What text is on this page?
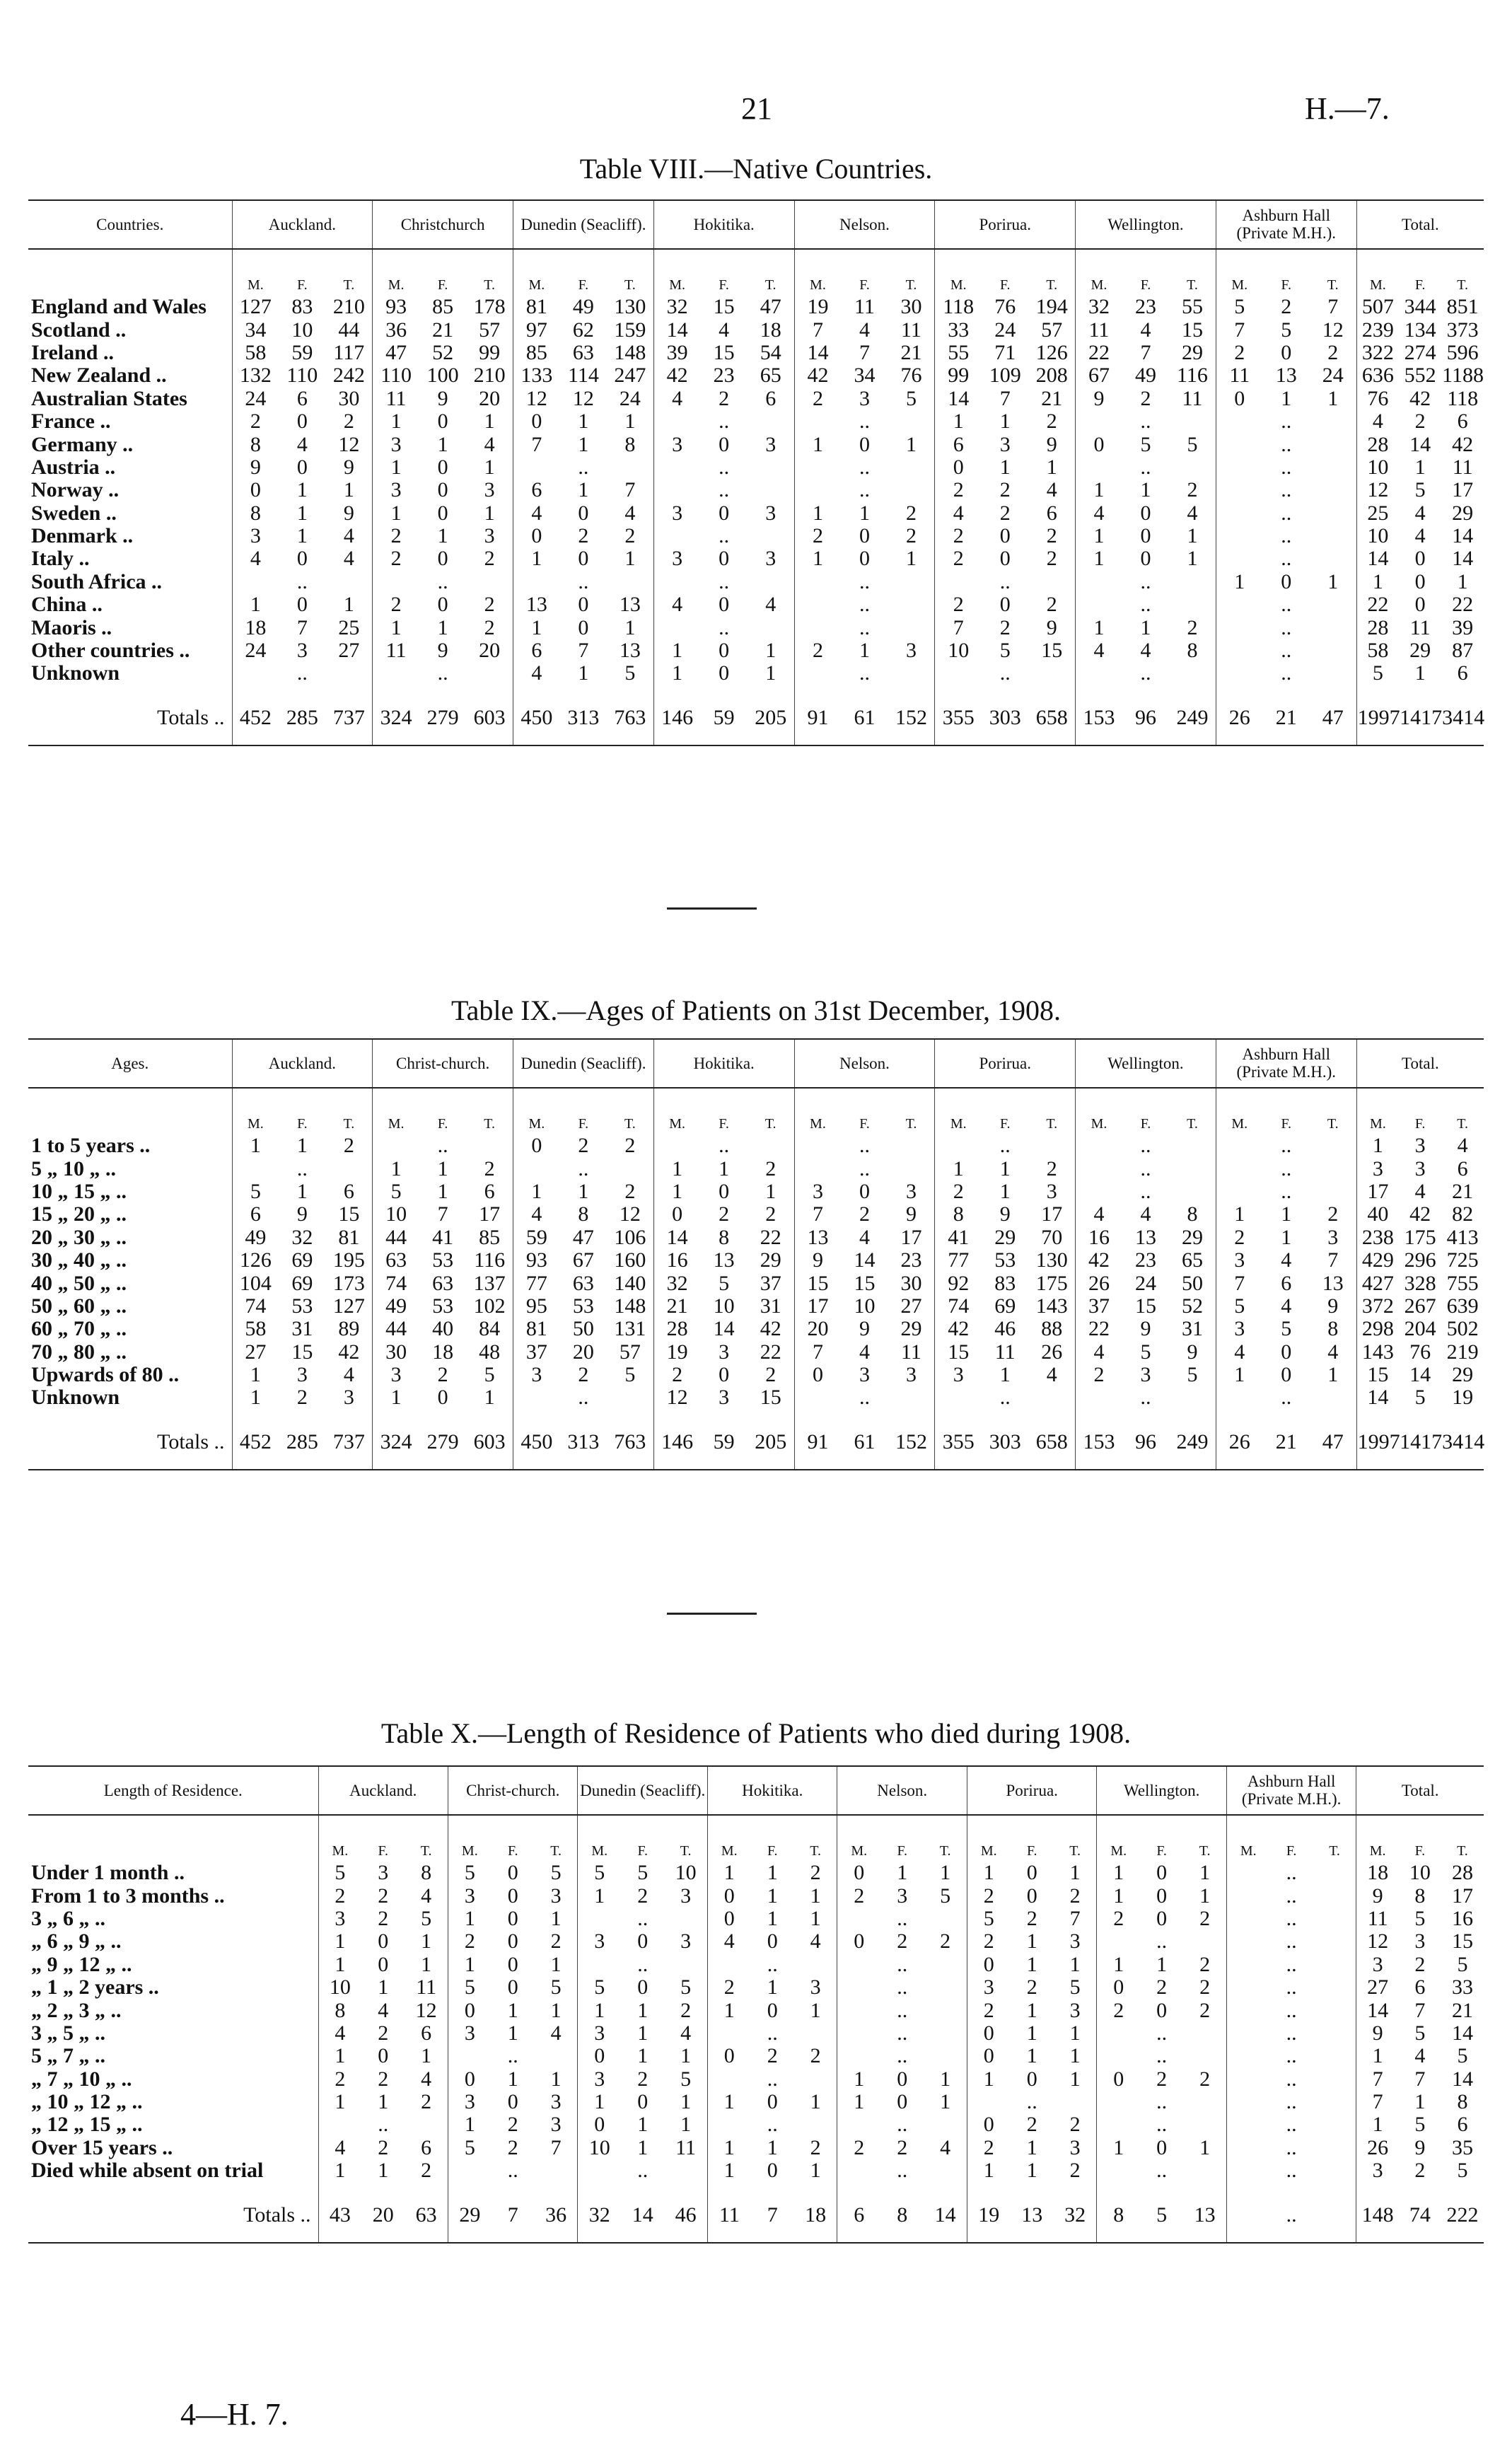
21	H.—7.
Table VIII.—Native Countries.
Countries.	Auckland.			Christchurch			Dunedin (Seacliff).			Hokitika.			Nelson.			Porirua.			Wellington.			Ashburn Hall (Private M.H.).			Total.		
	M.	F.	T.	M.	F.	T.	M.	F.	T.	M.	F.	T.	M.	F.	T.	M.	F.	T.	M.	F.	T.	M.	F.	T.	M.	F.	T.
England and Wales	127	83	210	93	85	178	81	49	130	32	15	47	19	11	30	118	76	194	32	23	55	5	2	7	507	344	851
Scotland ..	34	10	44	36	21	57	97	62	159	14	4	18	7	4	11	33	24	57	11	4	15	7	5	12	239	134	373
Ireland ..	58	59	117	47	52	99	85	63	148	39	15	54	14	7	21	55	71	126	22	7	29	2	0	2	322	274	596
New Zealand ..	132	110	242	110	100	210	133	114	247	42	23	65	42	34	76	99	109	208	67	49	116	11	13	24	636	552	1188
Australian States	24	6	30	11	9	20	12	12	24	4	2	6	2	3	5	14	7	21	9	2	11	0	1	1	76	42	118
France ..	2	0	2	1	0	1	0	1	1		..			..		1	1	2		..			..		4	2	6
Germany ..	8	4	12	3	1	4	7	1	8	3	0	3	1	0	1	6	3	9	0	5	5		..		28	14	42
Austria ..	9	0	9	1	0	1		..			..			..		0	1	1		..			..		10	1	11
Norway ..	0	1	1	3	0	3	6	1	7		..			..		2	2	4	1	1	2		..		12	5	17
Sweden ..	8	1	9	1	0	1	4	0	4	3	0	3	1	1	2	4	2	6	4	0	4		..		25	4	29
Denmark ..	3	1	4	2	1	3	0	2	2		..		2	0	2	2	0	2	1	0	1		..		10	4	14
Italy ..	4	0	4	2	0	2	1	0	1	3	0	3	1	0	1	2	0	2	1	0	1		..		14	0	14
South Africa ..		..			..			..			..			..			..			..		1	0	1	1	0	1
China ..	1	0	1	2	0	2	13	0	13	4	0	4		..		2	0	2		..			..		22	0	22
Maoris ..	18	7	25	1	1	2	1	0	1		..			..		7	2	9	1	1	2		..		28	11	39
Other countries ..	24	3	27	11	9	20	6	7	13	1	0	1	2	1	3	10	5	15	4	4	8		..		58	29	87
Unknown		..			..		4	1	5	1	0	1		..			..			..			..		5	1	6
Totals ..	452	285	737	324	279	603	450	313	763	146	59	205	91	61	152	355	303	658	153	96	249	26	21	47	1997	1417	3414
Table IX.—Ages of Patients on 31st December, 1908.
Ages.	Auckland.			Christ-church.			Dunedin (Seacliff).			Hokitika.			Nelson.			Porirua.			Wellington.			Ashburn Hall (Private M.H.).			Total.		
	M.	F.	T.	M.	F.	T.	M.	F.	T.	M.	F.	T.	M.	F.	T.	M.	F.	T.	M.	F.	T.	M.	F.	T.	M.	F.	T.
1 to 5 years ..	1	1	2		..		0	2	2		..			..			..			..			..		1	3	4
5 „ 10 „ ..		..		1	1	2		..		1	1	2		..		1	1	2		..			..		3	3	6
10 „ 15 „ ..	5	1	6	5	1	6	1	1	2	1	0	1	3	0	3	2	1	3		..			..		17	4	21
15 „ 20 „ ..	6	9	15	10	7	17	4	8	12	0	2	2	7	2	9	8	9	17	4	4	8	1	1	2	40	42	82
20 „ 30 „ ..	49	32	81	44	41	85	59	47	106	14	8	22	13	4	17	41	29	70	16	13	29	2	1	3	238	175	413
30 „ 40 „ ..	126	69	195	63	53	116	93	67	160	16	13	29	9	14	23	77	53	130	42	23	65	3	4	7	429	296	725
40 „ 50 „ ..	104	69	173	74	63	137	77	63	140	32	5	37	15	15	30	92	83	175	26	24	50	7	6	13	427	328	755
50 „ 60 „ ..	74	53	127	49	53	102	95	53	148	21	10	31	17	10	27	74	69	143	37	15	52	5	4	9	372	267	639
60 „ 70 „ ..	58	31	89	44	40	84	81	50	131	28	14	42	20	9	29	42	46	88	22	9	31	3	5	8	298	204	502
70 „ 80 „ ..	27	15	42	30	18	48	37	20	57	19	3	22	7	4	11	15	11	26	4	5	9	4	0	4	143	76	219
Upwards of 80 ..	1	3	4	3	2	5	3	2	5	2	0	2	0	3	3	3	1	4	2	3	5	1	0	1	15	14	29
Unknown	1	2	3	1	0	1		..		12	3	15		..			..			..			..		14	5	19
Totals ..	452	285	737	324	279	603	450	313	763	146	59	205	91	61	152	355	303	658	153	96	249	26	21	47	1997	1417	3414
Table X.—Length of Residence of Patients who died during 1908.
Length of Residence.	Auckland.			Christ-church.			Dunedin (Seacliff).			Hokitika.			Nelson.			Porirua.			Wellington.			Ashburn Hall (Private M.H.).			Total.		
	M.	F.	T.	M.	F.	T.	M.	F.	T.	M.	F.	T.	M.	F.	T.	M.	F.	T.	M.	F.	T.	M.	F.	T.	M.	F.	T.
Under 1 month ..	5	3	8	5	0	5	5	5	10	1	1	2	0	1	1	1	0	1	1	0	1		..		18	10	28
From 1 to 3 months ..	2	2	4	3	0	3	1	2	3	0	1	1	2	3	5	2	0	2	1	0	1		..		9	8	17
3 „ 6 „ ..	3	2	5	1	0	1		..		0	1	1		..		5	2	7	2	0	2		..		11	5	16
„ 6 „ 9 „ ..	1	0	1	2	0	2	3	0	3	4	0	4	0	2	2	2	1	3		..			..		12	3	15
„ 9 „ 12 „ ..	1	0	1	1	0	1		..			..			..		0	1	1	1	1	2		..		3	2	5
„ 1 „ 2 years ..	10	1	11	5	0	5	5	0	5	2	1	3		..		3	2	5	0	2	2		..		27	6	33
„ 2 „ 3 „ ..	8	4	12	0	1	1	1	1	2	1	0	1		..		2	1	3	2	0	2		..		14	7	21
3 „ 5 „ ..	4	2	6	3	1	4	3	1	4		..			..		0	1	1		..			..		9	5	14
5 „ 7 „ ..	1	0	1		..		0	1	1	0	2	2		..		0	1	1		..			..		1	4	5
„ 7 „ 10 „ ..	2	2	4	0	1	1	3	2	5		..		1	0	1	1	0	1	0	2	2		..		7	7	14
„ 10 „ 12 „ ..	1	1	2	3	0	3	1	0	1	1	0	1	1	0	1		..			..			..		7	1	8
„ 12 „ 15 „ ..		..		1	2	3	0	1	1		..			..		0	2	2		..			..		1	5	6
Over 15 years ..	4	2	6	5	2	7	10	1	11	1	1	2	2	2	4	2	1	3	1	0	1		..		26	9	35
Died while absent on trial	1	1	2		..			..		1	0	1		..		1	1	2		..			..		3	2	5
Totals ..	43	20	63	29	7	36	32	14	46	11	7	18	6	8	14	19	13	32	8	5	13		..		148	74	222
4—H. 7.
